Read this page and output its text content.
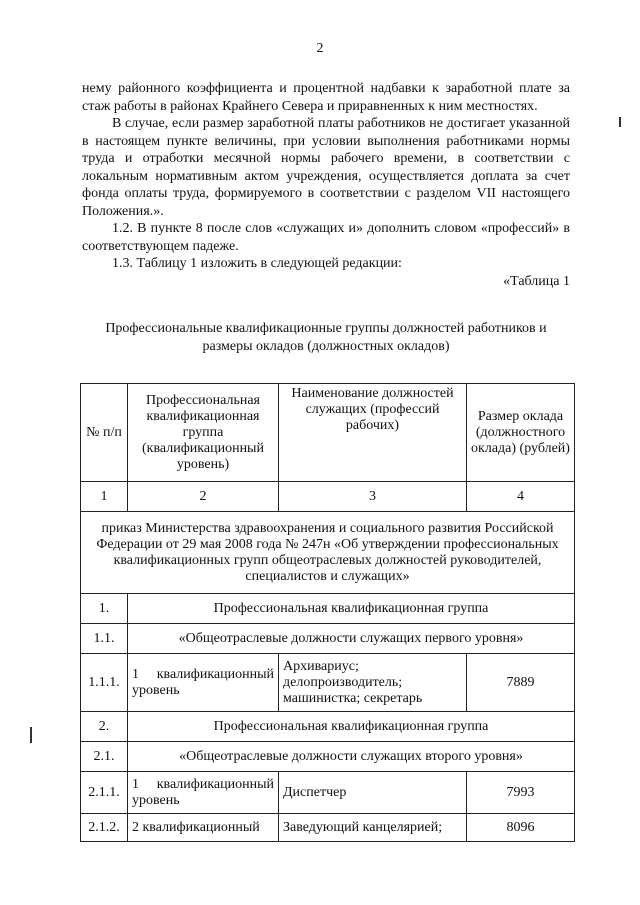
2

нему районного коэффициента и процентной надбавки к заработной плате за стаж работы в районах Крайнего Севера и приравненных к ним местностях.

В случае, если размер заработной платы работников не достигает указанной в настоящем пункте величины, при условии выполнения работниками нормы труда и отработки месячной нормы рабочего времени, в соответствии с локальным нормативным актом учреждения, осуществляется доплата за счет фонда оплаты труда, формируемого в соответствии с разделом VII настоящего Положения.».

1.2. В пункте 8 после слов «служащих и» дополнить словом «профессий» в соответствующем падеже.

1.3. Таблицу 1 изложить в следующей редакции:

«Таблица 1

Профессиональные квалификационные группы должностей работников и размеры окладов (должностных окладов)
№ п/п	Профессиональная квалификационная группа (квалификационный уровень)	Наименование должностей служащих (профессий рабочих)	Размер оклада (должностного оклада) (рублей)
1	2	3	4
приказ Министерства здравоохранения и социального развития Российской Федерации от 29 мая 2008 года № 247н «Об утверждении профессиональных квалификационных групп общеотраслевых должностей руководителей, специалистов и служащих»			
1.	Профессиональная квалификационная группа		
1.1.	«Общеотраслевые должности служащих первого уровня»		
1.1.1.	1 квалификационный уровень	Архивариус; делопроизводитель; машинистка; секретарь	7889
2.	Профессиональная квалификационная группа		
2.1.	«Общеотраслевые должности служащих второго уровня»		
2.1.1.	1 квалификационный уровень	Диспетчер	7993
2.1.2.	2 квалификационный	Заведующий канцелярией;	8096
